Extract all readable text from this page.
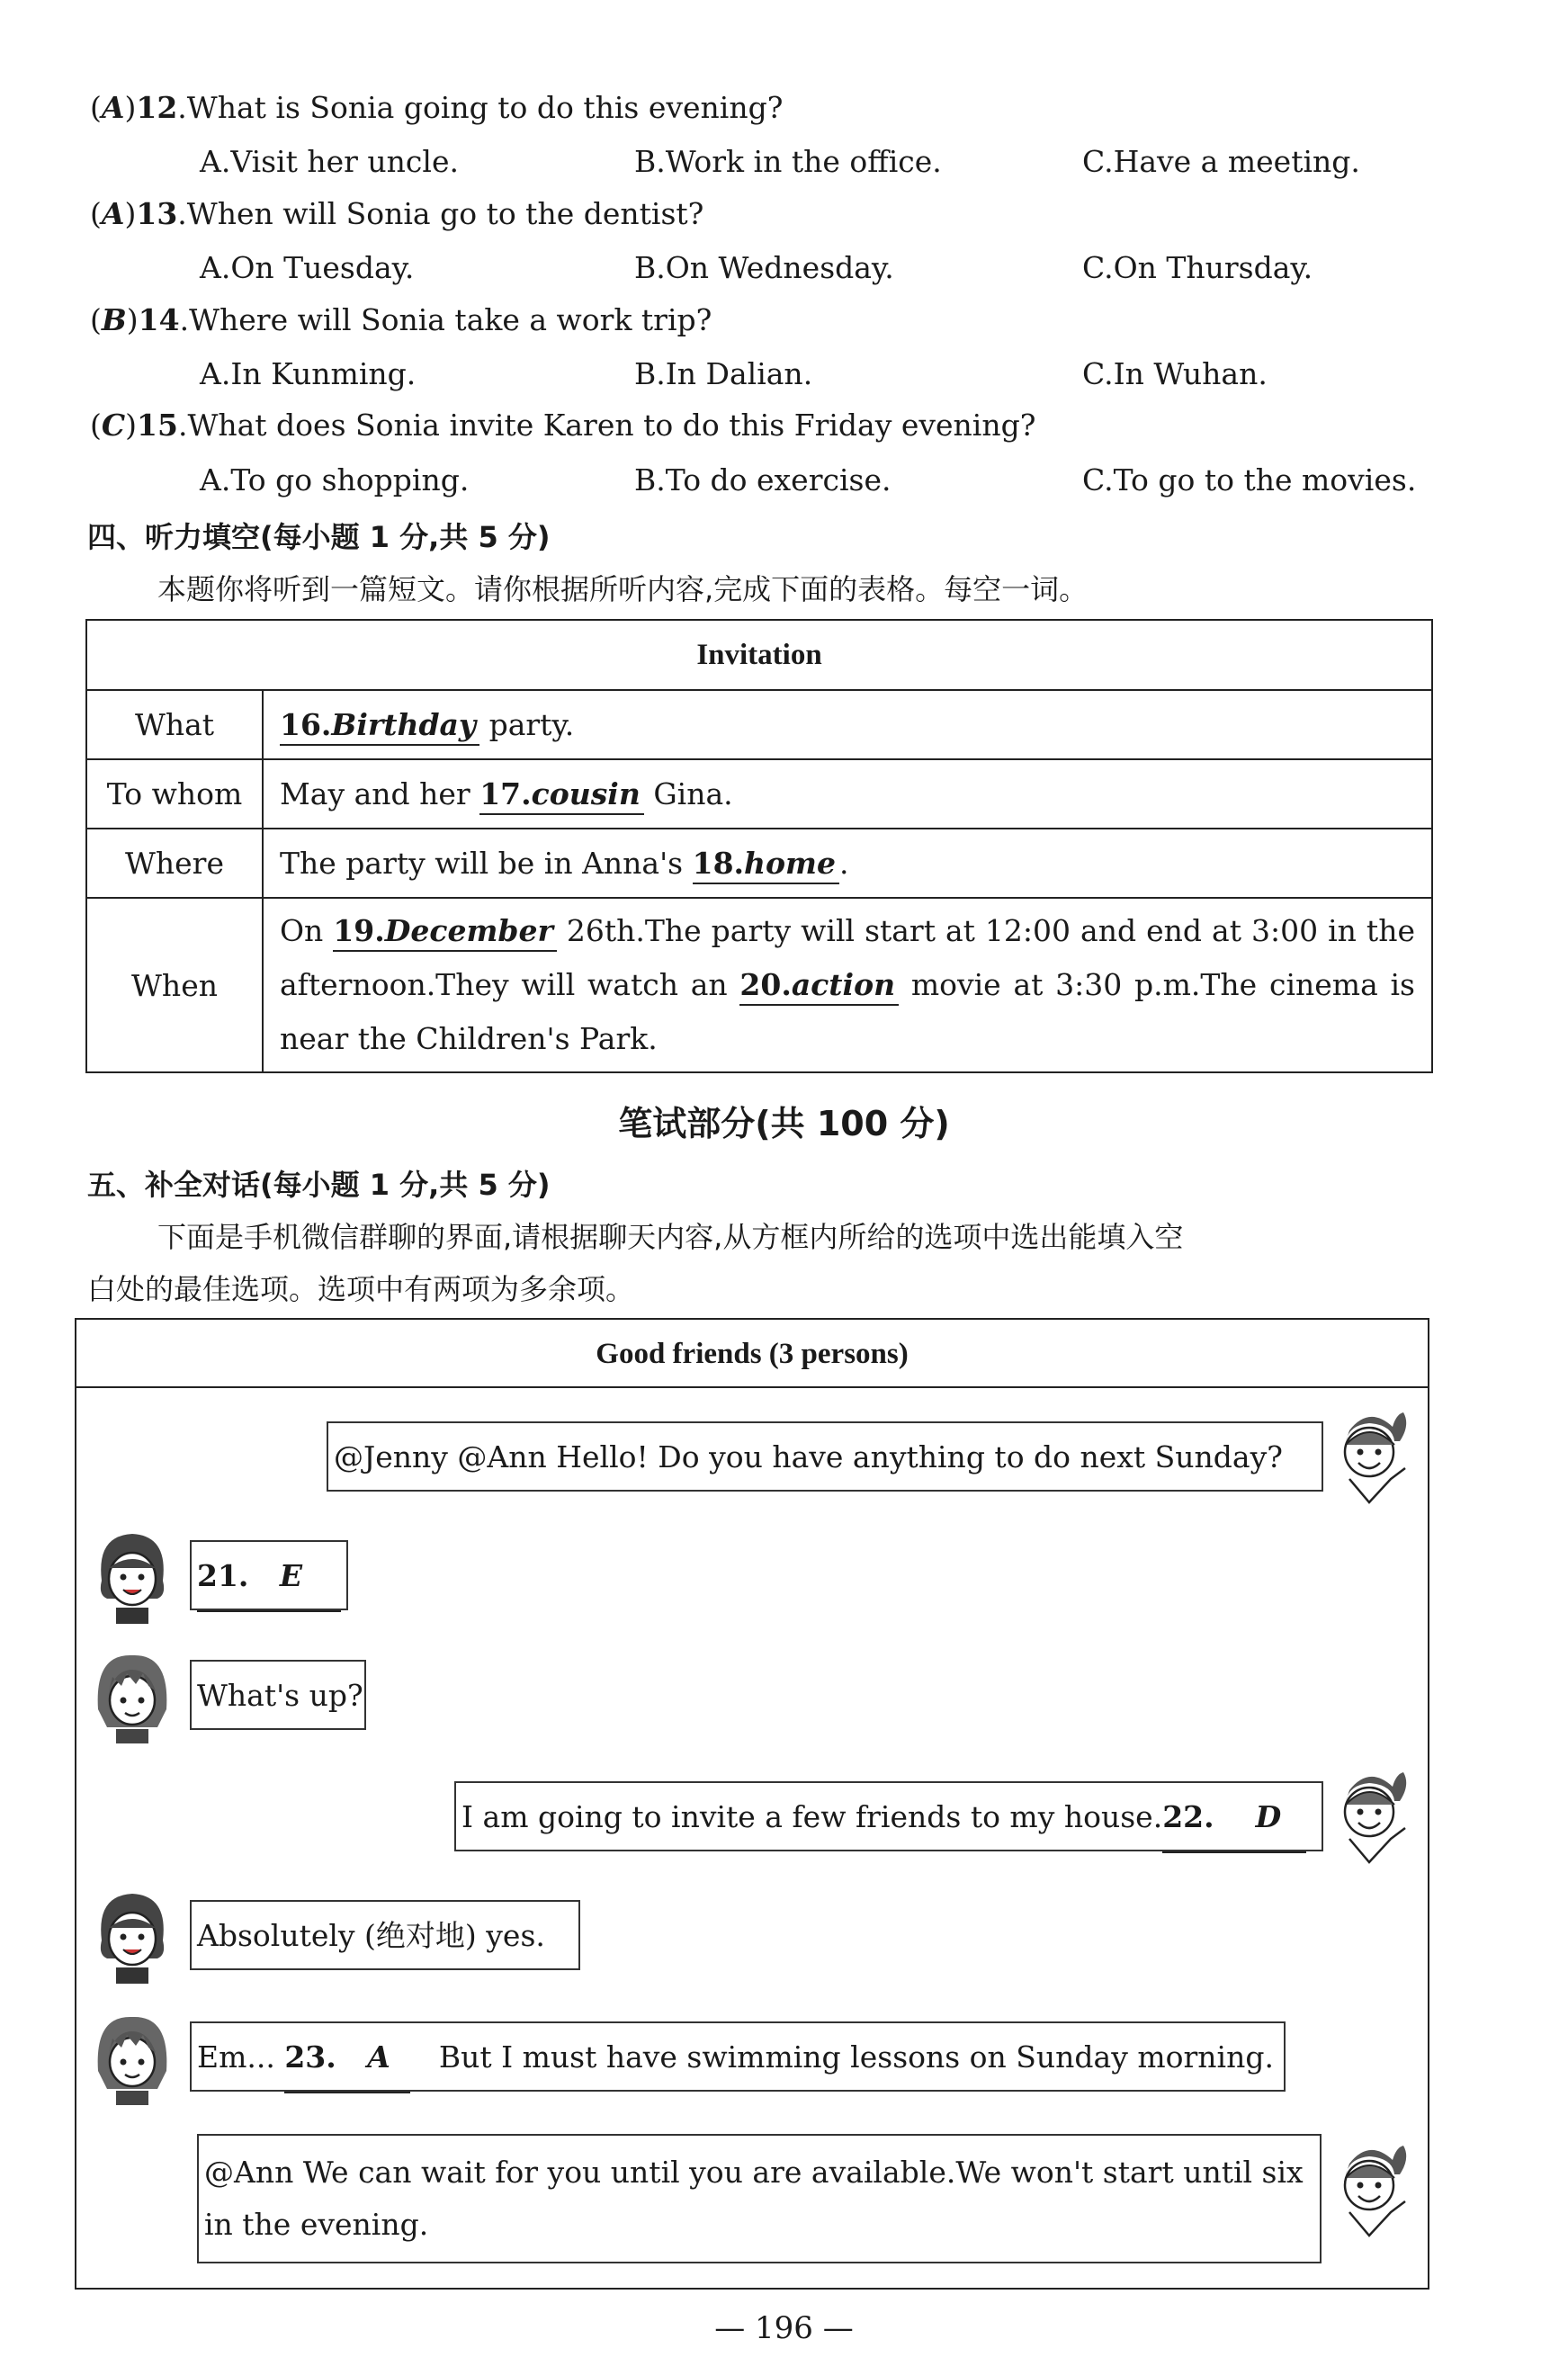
(A)12.What is Sonia going to do this evening?
A.Visit her uncle.	B.Work in the office.	C.Have a meeting.
(A)13.When will Sonia go to the dentist?
A.On Tuesday.	B.On Wednesday.	C.On Thursday.
(B)14.Where will Sonia take a work trip?
A.In Kunming.	B.In Dalian.	C.In Wuhan.
(C)15.What does Sonia invite Karen to do this Friday evening?
A.To go shopping.	B.To do exercise.	C.To go to the movies.
四、听力填空(每小题 1 分,共 5 分)
本题你将听到一篇短文。请你根据所听内容,完成下面的表格。每空一词。
Invitation	
What	16.Birthday party.
To whom	May and her 17.cousin Gina.
Where	The party will be in Anna's 18.home .
When	On 19.December 26th.The party will start at 12:00 and end at 3:00 in the afternoon.They will watch an 20.action movie at 3:30 p.m.The cinema is near the Children's Park.
笔试部分(共 100 分)
五、补全对话(每小题 1 分,共 5 分)
下面是手机微信群聊的界面,请根据聊天内容,从方框内所给的选项中选出能填入空
白处的最佳选项。选项中有两项为多余项。
Good friends (3 persons)
@Jenny @Ann Hello! Do you have anything to do next Sunday?
21. E
What's up?
I am going to invite a few friends to my house.22. D
Absolutely (绝对地) yes.
Em... 23. A But I must have swimming lessons on Sunday morning.
@Ann We can wait for you until you are available.We won't start until six
in the evening.
— 196 —
